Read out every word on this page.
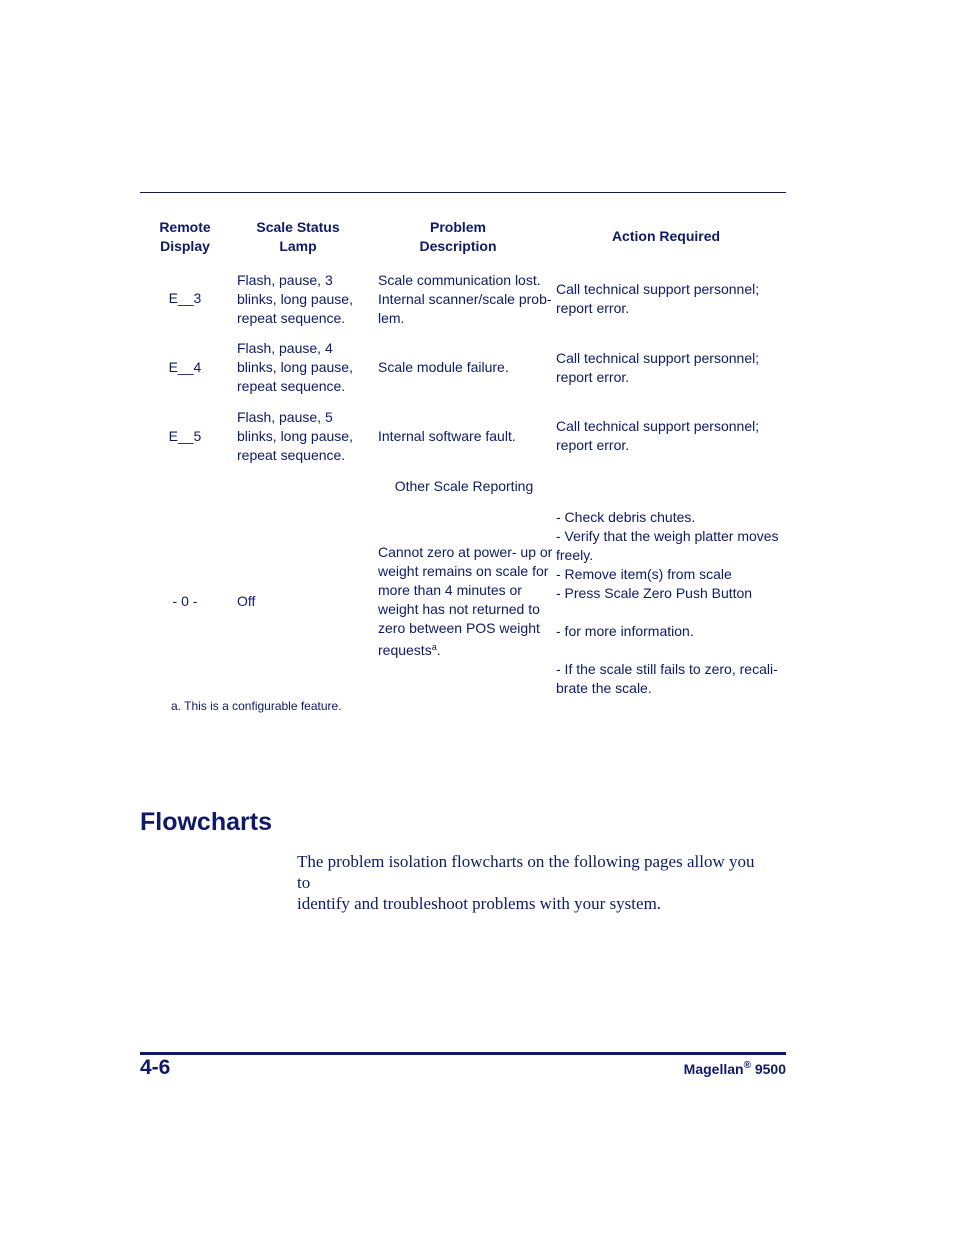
Remote
Display
Scale Status
Lamp
Problem
Description
Action Required
E__3
Flash, pause, 3
blinks, long pause,
repeat sequence.
Scale communication lost.
Internal scanner/scale prob-
lem.
Call technical support personnel;
report error.
E__4
Flash, pause, 4
blinks, long pause,
repeat sequence.
Scale module failure.
Call technical support personnel;
report error.
E__5
Flash, pause, 5
blinks, long pause,
repeat sequence.
Internal software fault.
Call technical support personnel;
report error.
Other Scale Reporting
- 0 -	Off
Cannot zero at power- up or
weight remains on scale for
more than 4 minutes or
weight has not returned to
zero between POS weight
requests$^a$.
- Check debris chutes.
- Verify that the weigh platter moves
freely.
- Remove item(s) from scale
- Press Scale Zero Push Button
- for more information.
- If the scale still fails to zero, recali-
brate the scale.
a. This is a configurable feature.
Flowcharts
The problem isolation flowcharts on the following pages allow you to
identify and troubleshoot problems with your system.
4-6	Magellan® 9500
